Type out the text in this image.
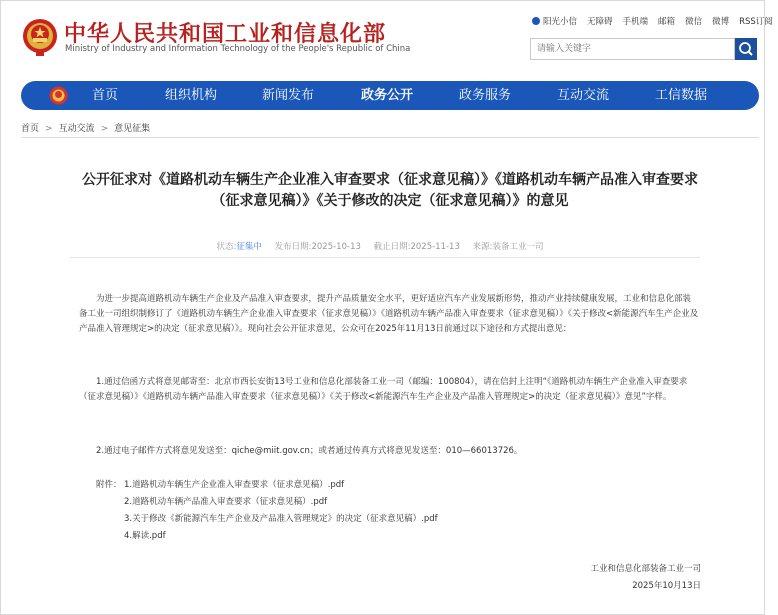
中华人民共和国工业和信息化部
Ministry of Industry and Information Technology of the People's Republic of China
阳光小信	无障碍	手机端	邮箱	微信	微博	RSS订阅
请输入关键字
首页	组织机构	新闻发布	政务公开	政务服务	互动交流	工信数据
首页 > 互动交流 > 意见征集
公开征求对《道路机动车辆生产企业准入审查要求（征求意见稿）》《道路机动车辆产品准入审查要求
（征求意见稿）》《关于修改的决定（征求意见稿）》的意见
状态:征集中 发布日期:2025-10-13 截止日期:2025-11-13 来源:装备工业一司
为进一步提高道路机动车辆生产企业及产品准入审查要求，提升产品质量安全水平，更好适应汽车产业发展新形势，推动产业持续健康发展，工业和信息化部装备工业一司组织制修订了《道路机动车辆生产企业准入审查要求（征求意见稿）》《道路机动车辆产品准入审查要求（征求意见稿）》《关于修改<新能源汽车生产企业及产品准入管理规定>的决定（征求意见稿）》。现向社会公开征求意见，公众可在2025年11月13日前通过以下途径和方式提出意见：
1.通过信函方式将意见邮寄至：北京市西长安街13号工业和信息化部装备工业一司（邮编：100804），请在信封上注明“《道路机动车辆生产企业准入审查要求（征求意见稿）》《道路机动车辆产品准入审查要求（征求意见稿）》《关于修改<新能源汽车生产企业及产品准入管理规定>的决定（征求意见稿）》意见”字样。
2.通过电子邮件方式将意见发送至：qiche@miit.gov.cn；或者通过传真方式将意见发送至：010—66013726。
附件： 1.道路机动车辆生产企业准入审查要求（征求意见稿）.pdf
2.道路机动车辆产品准入审查要求（征求意见稿）.pdf
3.关于修改《新能源汽车生产企业及产品准入管理规定》的决定（征求意见稿）.pdf
4.解读.pdf
工业和信息化部装备工业一司
2025年10月13日
